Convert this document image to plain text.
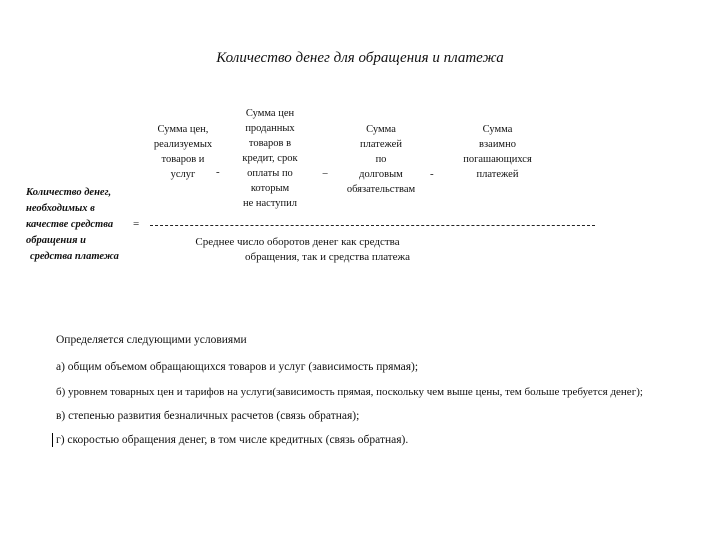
Количество денег для обращения и платежа
Количество денег,
необходимых в
качестве средства
обращения и
средства платежа
=
Сумма цен,
реализуемых
товаров и
услуг	-
Сумма цен
проданных
товаров в
кредит, срок
оплаты по
которым
не наступил
−
Сумма
платежей
по
долговым
обязательствам
-
Сумма
взаимно
погашающихся
платежей
Среднее число оборотов денег как средства
обращения, так и средства платежа
Определяется следующими условиями
а) общим объемом обращающихся товаров и услуг (зависимость прямая);
б) уровнем товарных цен и тарифов на услуги(зависимость прямая, поскольку чем выше цены, тем больше требуется денег);
в) степенью развития безналичных расчетов (связь обратная);
г) скоростью обращения денег, в том числе кредитных (связь обратная).
